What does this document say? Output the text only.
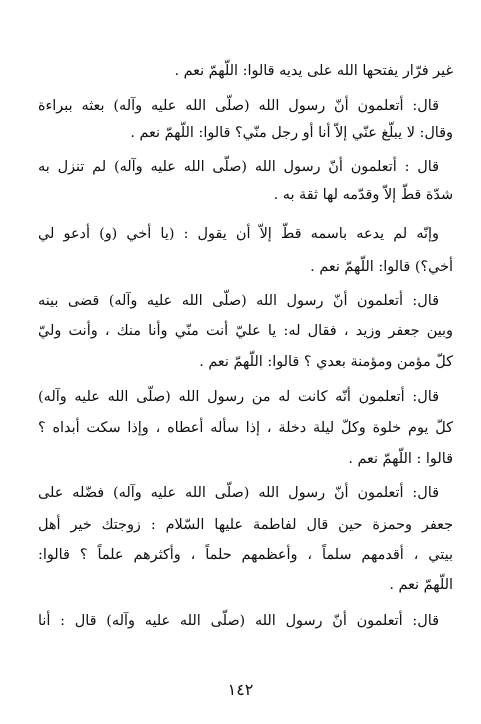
غير فرّار يفتحها الله على يديه قالوا: اللّهمّ نعم .
قال: أتعلمون أنّ رسول الله (صلّى الله عليه وآله) بعثه ببراءة
وقال: لا يبلّغ عنّي إلاّ أنا أو رجل منّي؟ قالوا: اللّهمّ نعم .
قال : أتعلمون أنّ رسول الله (صلّى الله عليه وآله) لم تنزل به
شدّة قطّ إلاّ وقدّمه لها ثقة به .
وإنّه لم يدعه باسمه قطّ إلاّ أن يقول : (يا أخي (و) أدعو لي
أخي؟) قالوا: اللّهمّ نعم .
قال: أتعلمون أنّ رسول الله (صلّى الله عليه وآله) قضى بينه
وبين جعفر وزيد ، فقال له: يا عليّ أنت منّي وأنا منك ، وأنت وليّ
كلّ مؤمن ومؤمنة بعدي ؟ قالوا: اللّهمّ نعم .
قال: أتعلمون أنّه كانت له من رسول الله (صلّى الله عليه وآله)
كلّ يوم خلوة وكلّ ليلة دخلة ، إذا سأله أعطاه ، وإذا سكت أبداه ؟
قالوا : اللّهمّ نعم .
قال: أتعلمون أنّ رسول الله (صلّى الله عليه وآله) فضّله على
جعفر وحمزة حين قال لفاطمة عليها السّلام : زوجتك خير أهل
بيتي ، أقدمهم سلماً ، وأعظمهم حلماً ، وأكثرهم علماً ؟ قالوا:
اللّهمّ نعم .
قال: أتعلمون أنّ رسول الله (صلّى الله عليه وآله) قال : أنا
١٤٢
